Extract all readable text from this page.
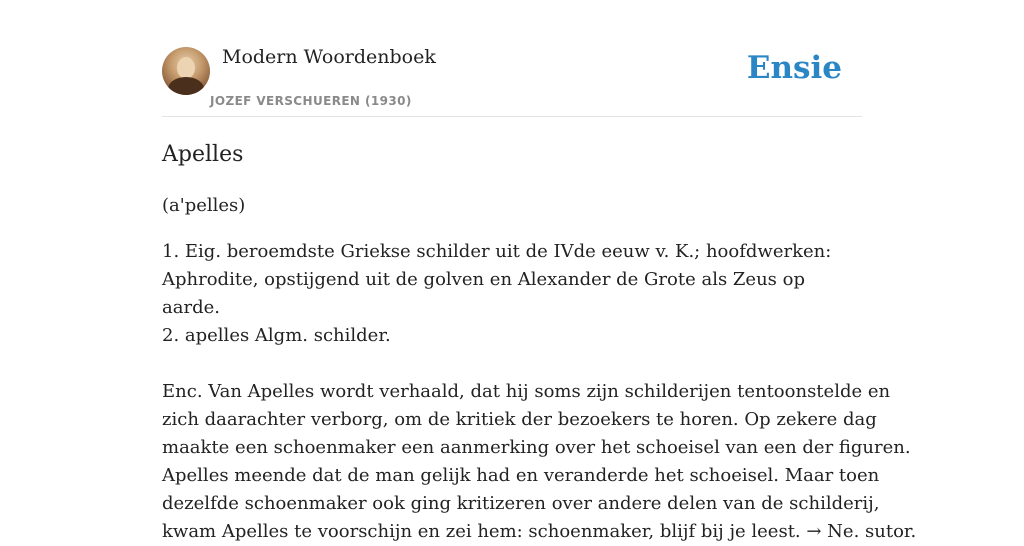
Modern Woordenboek
JOZEF VERSCHUEREN (1930)
Ensie
Apelles

(a'pelles)

1. Eig. beroemdste Griekse schilder uit de IVde eeuw v. K.; hoofdwerken:

Aphrodite, opstijgend uit de golven en Alexander de Grote als Zeus op aarde.

2. apelles Algm. schilder.

Enc. Van Apelles wordt verhaald, dat hij soms zijn schilderijen tentoonstelde en

zich daarachter verborg, om de kritiek der bezoekers te horen. Op zekere dag

maakte een schoenmaker een aanmerking over het schoeisel van een der figuren.

Apelles meende dat de man gelijk had en veranderde het schoeisel. Maar toen

dezelfde schoenmaker ook ging kritizeren over andere delen van de schilderij,

kwam Apelles te voorschijn en zei hem: schoenmaker, blijf bij je leest. → Ne. sutor.
